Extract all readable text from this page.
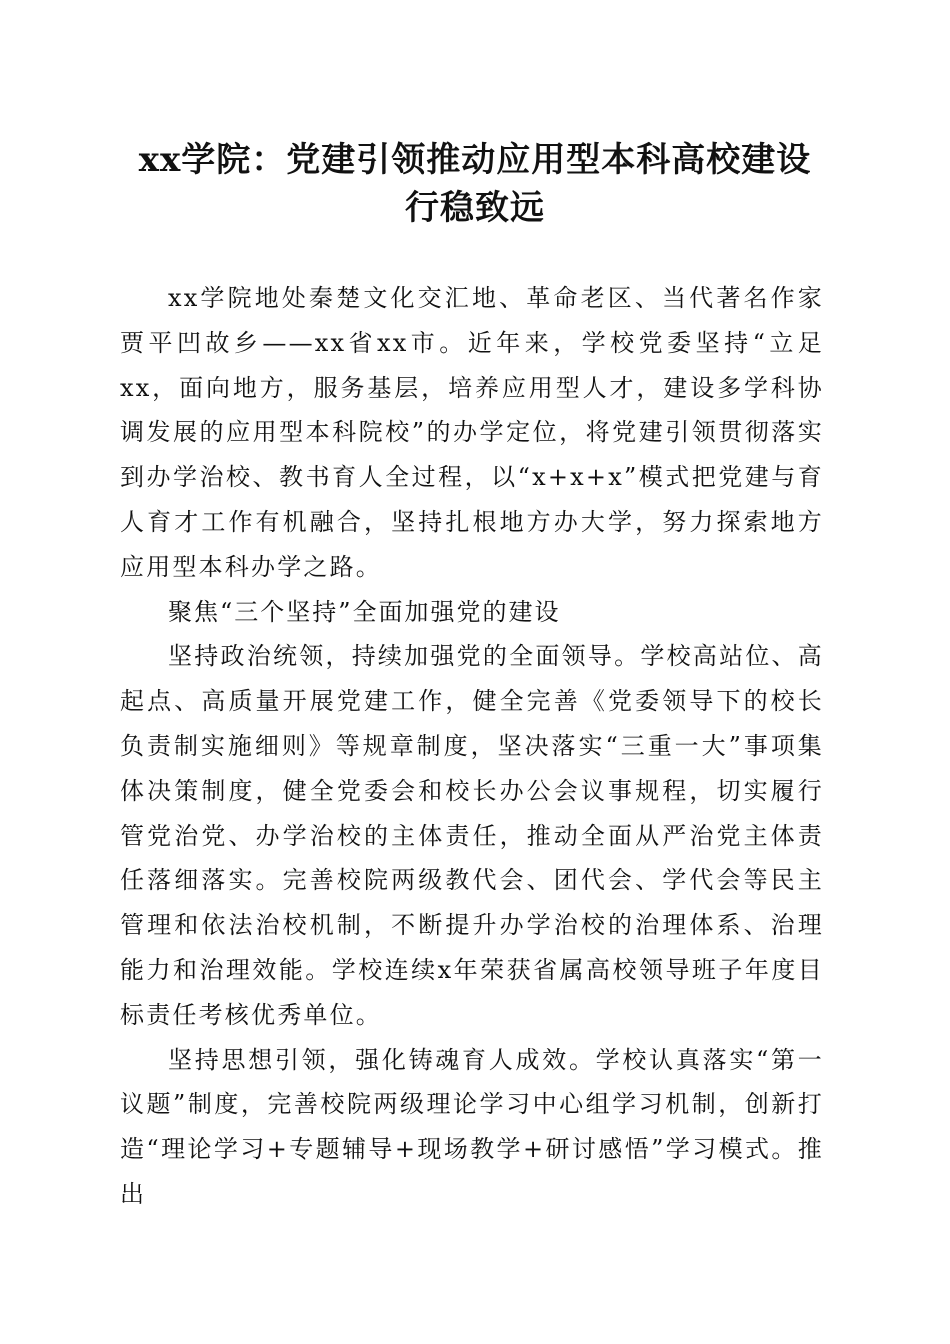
xx学院：党建引领推动应用型本科高校建设
行稳致远

xx学院地处秦楚文化交汇地、革命老区、当代著名作家贾平凹故乡——xx省xx市。近年来，学校党委坚持“立足xx，面向地方，服务基层，培养应用型人才，建设多学科协调发展的应用型本科院校”的办学定位，将党建引领贯彻落实到办学治校、教书育人全过程，以“x+x+x”模式把党建与育人育才工作有机融合，坚持扎根地方办大学，努力探索地方应用型本科办学之路。

聚焦“三个坚持”全面加强党的建设

坚持政治统领，持续加强党的全面领导。学校高站位、高起点、高质量开展党建工作，健全完善《党委领导下的校长负责制实施细则》等规章制度，坚决落实“三重一大”事项集体决策制度，健全党委会和校长办公会议事规程，切实履行管党治党、办学治校的主体责任，推动全面从严治党主体责任落细落实。完善校院两级教代会、团代会、学代会等民主管理和依法治校机制，不断提升办学治校的治理体系、治理能力和治理效能。学校连续x年荣获省属高校领导班子年度目标责任考核优秀单位。

坚持思想引领，强化铸魂育人成效。学校认真落实“第一议题”制度，完善校院两级理论学习中心组学习机制，创新打造“理论学习+专题辅导+现场教学+研讨感悟”学习模式。推出
